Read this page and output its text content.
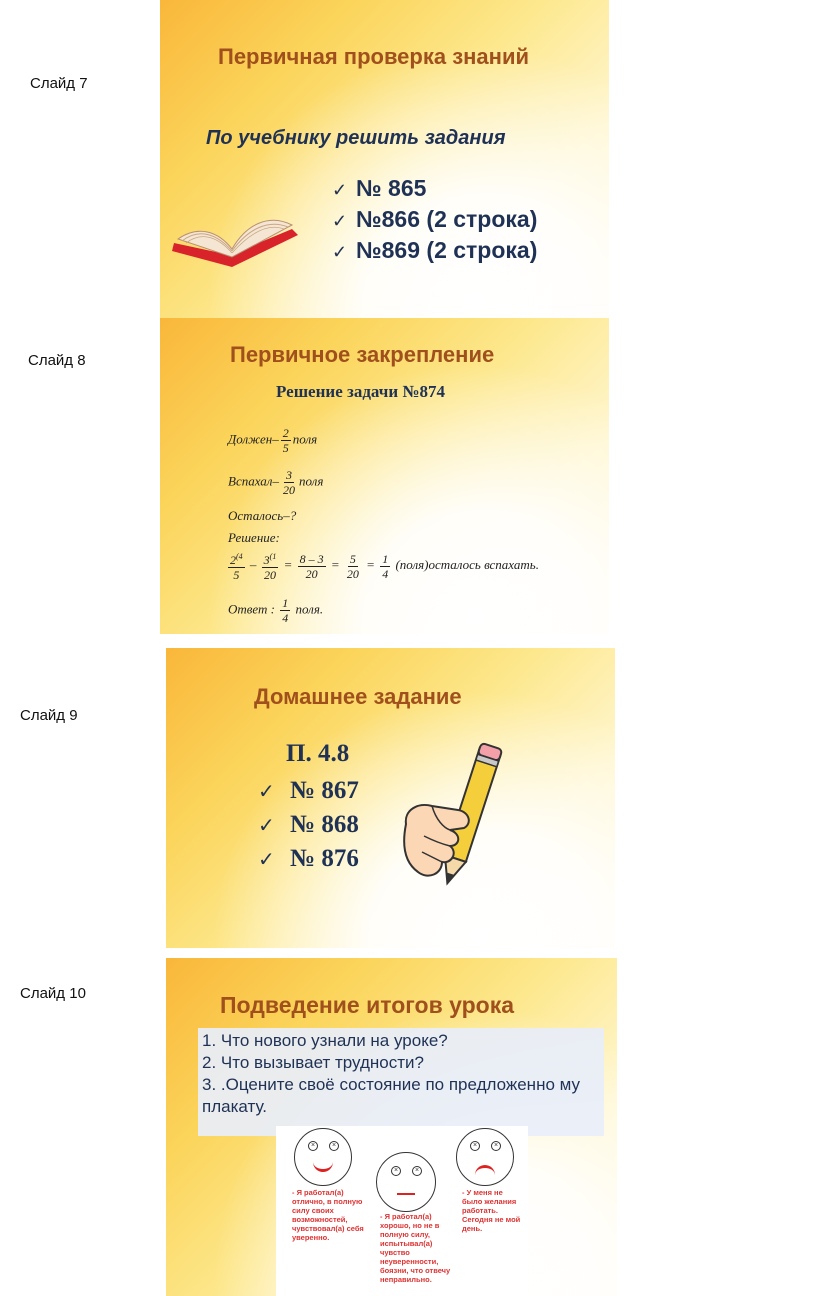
Слайд 7
Слайд 8
Слайд 9
Слайд 10
Первичная проверка знаний
По учебнику решить задания
✓ № 865
✓ №866 (2 строка)
✓ №869 (2 строка)
Первичное закрепление
Решение задачи №874
Должен– $\frac{2}{5}$ поля
Вспахал– $\frac{3}{20}$ поля
Осталось–?
Решение:
$\frac{2^{(4}}{5} - \frac{3^{(1}}{20} = \frac{8 - 3}{20} = \frac{5}{20} = \frac{1}{4}$ (поля)осталось вспахать.
Ответ : $\frac{1}{4}$ поля.
Домашнее задание
П. 4.8
✓ № 867
✓ № 868
✓ № 876
Подведение итогов урока
1. Что нового узнали на уроке?
2. Что вызывает трудности?
3. .Оцените своё состояние по предложенно му плакату.
×	×
×	×
×	×
- Я работал(а) отлично, в полную силу своих возможностей, чувствовал(а) себя уверенно.
- Я работал(а) хорошо, но не в полную силу, испытывал(а) чувство неуверенности, боязни, что отвечу неправильно.
- У меня не было желания работать. Сегодня не мой день.
